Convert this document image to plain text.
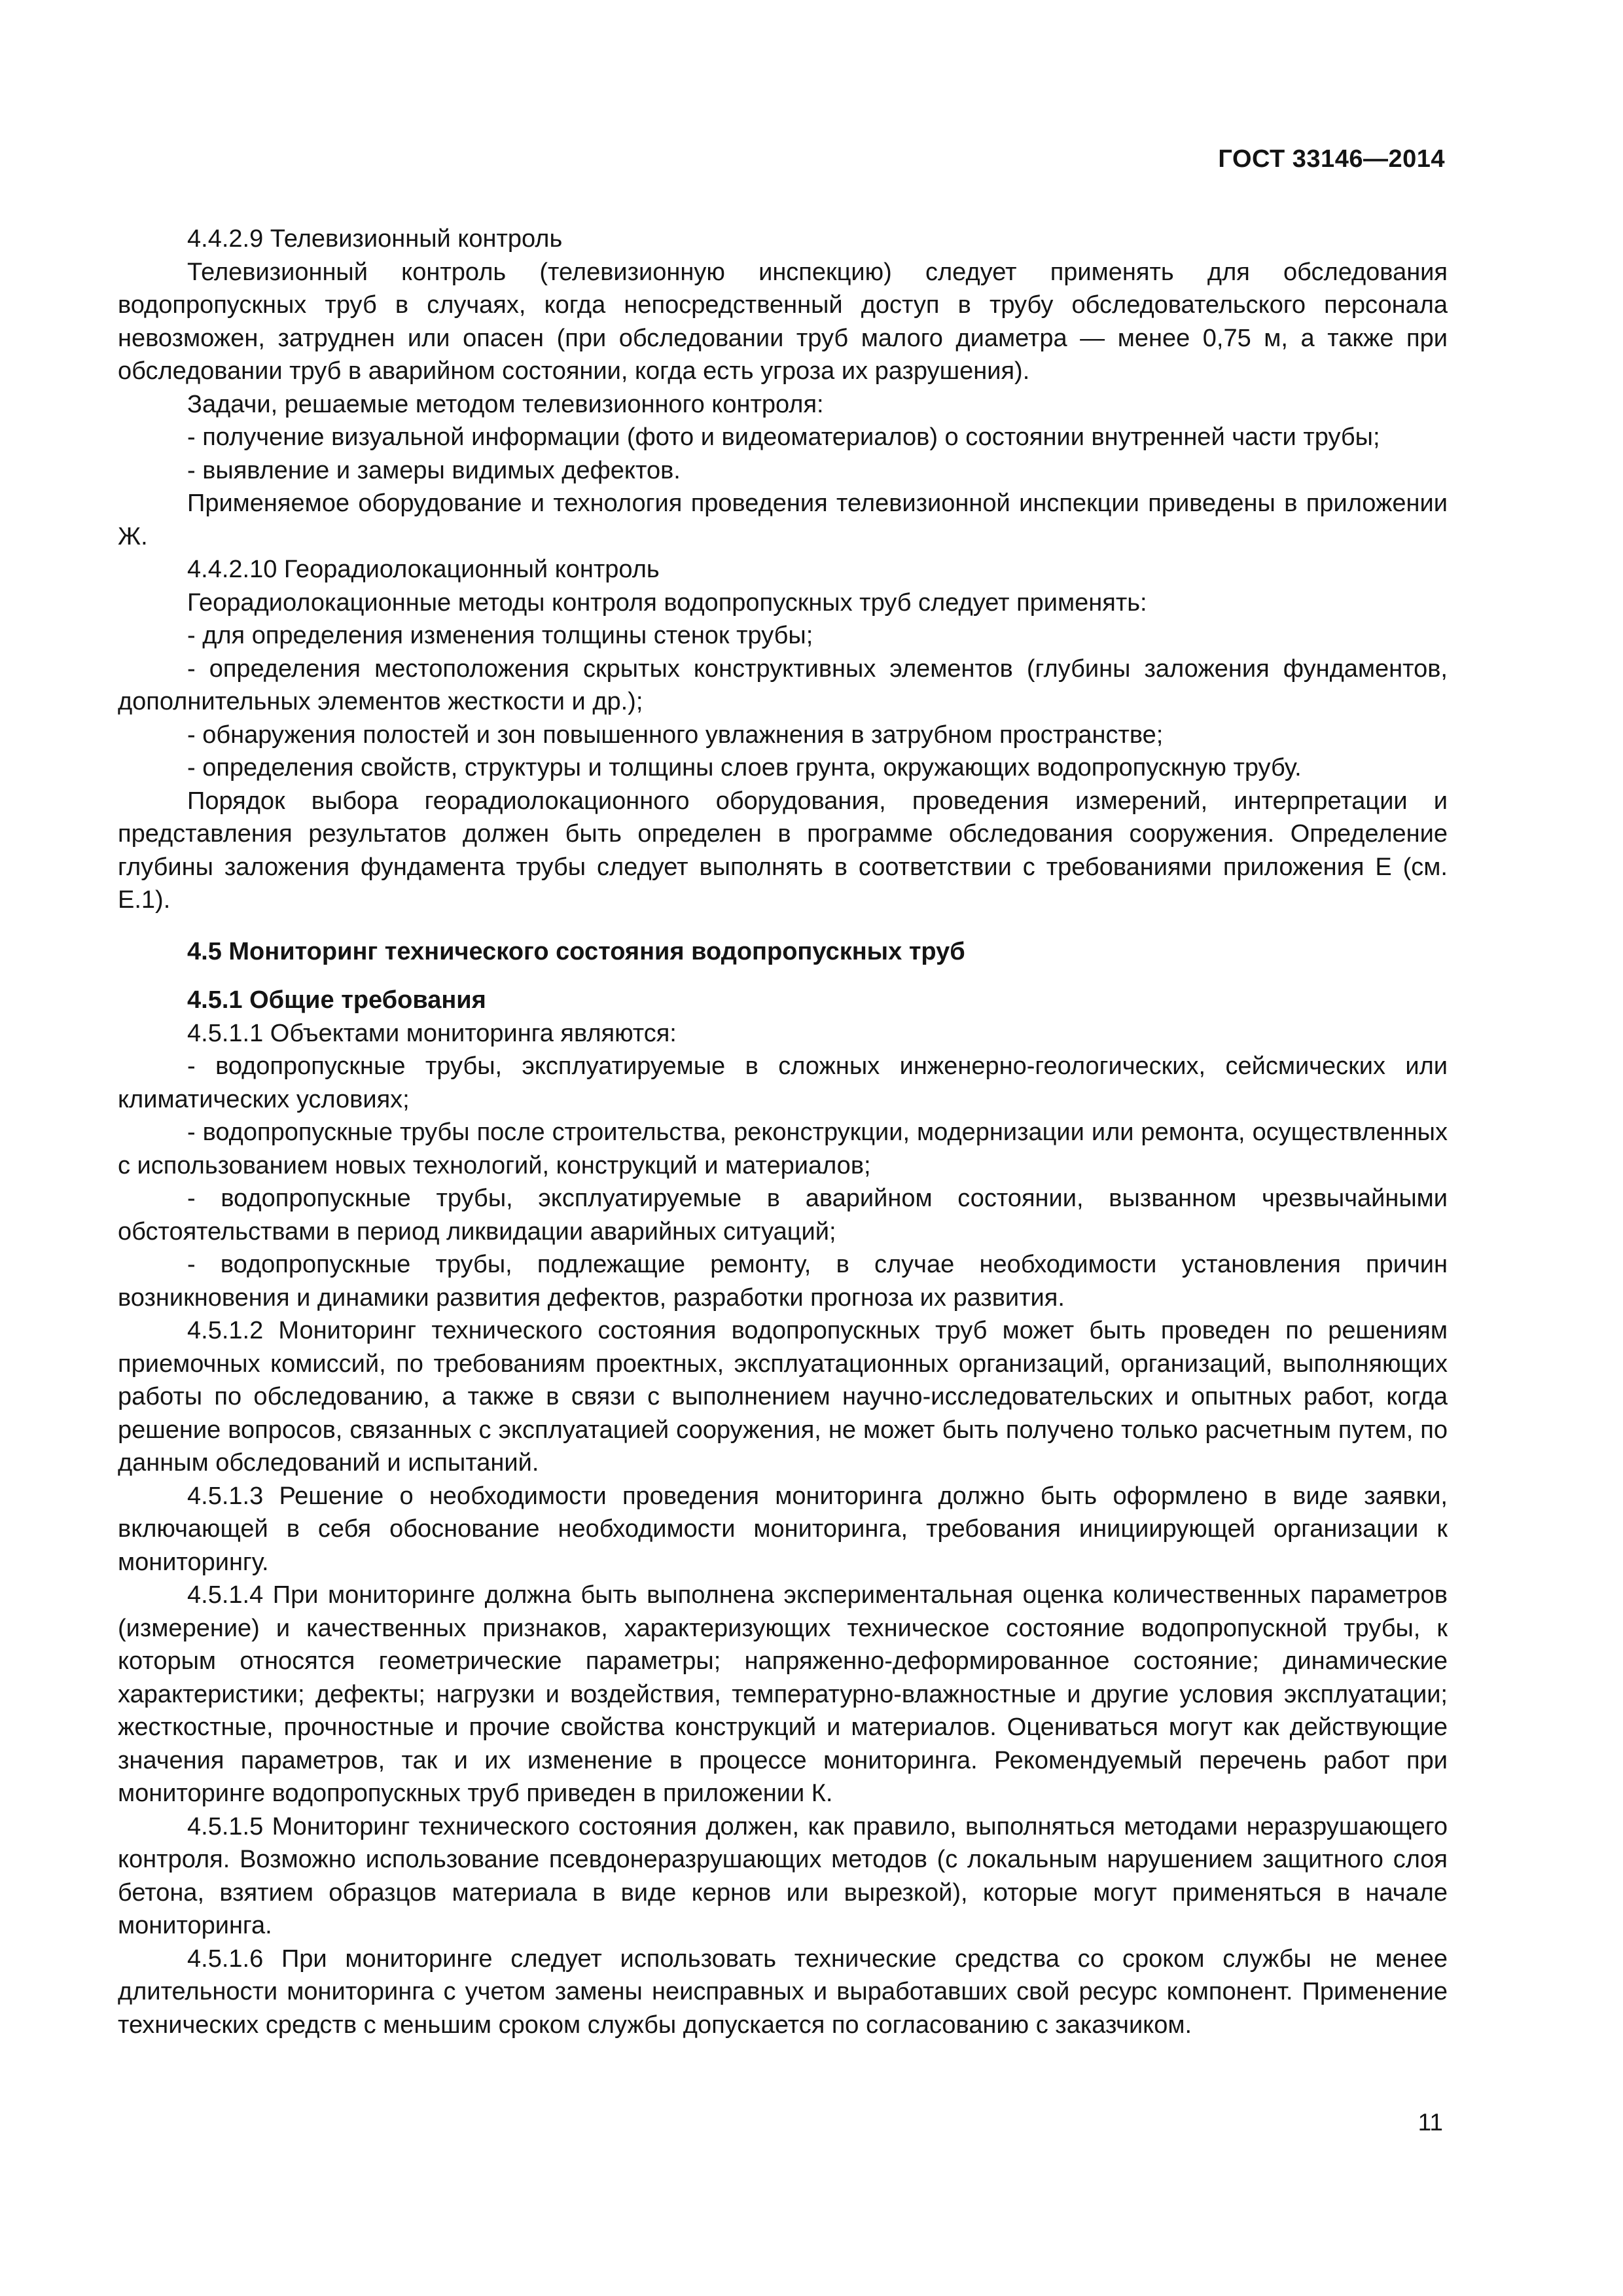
ГОСТ 33146—2014

4.4.2.9 Телевизионный контроль

Телевизионный контроль (телевизионную инспекцию) следует применять для обследования водопропускных труб в случаях, когда непосредственный доступ в трубу обследовательского персонала невозможен, затруднен или опасен (при обследовании труб малого диаметра — менее 0,75 м, а также при обследовании труб в аварийном состоянии, когда есть угроза их разрушения).

Задачи, решаемые методом телевизионного контроля:

- получение визуальной информации (фото и видеоматериалов) о состоянии внутренней части трубы;

- выявление и замеры видимых дефектов.

Применяемое оборудование и технология проведения телевизионной инспекции приведены в приложении Ж.

4.4.2.10 Георадиолокационный контроль

Георадиолокационные методы контроля водопропускных труб следует применять:

- для определения изменения толщины стенок трубы;

- определения местоположения скрытых конструктивных элементов (глубины заложения фундаментов, дополнительных элементов жесткости и др.);

- обнаружения полостей и зон повышенного увлажнения в затрубном пространстве;

- определения свойств, структуры и толщины слоев грунта, окружающих водопропускную трубу.

Порядок выбора георадиолокационного оборудования, проведения измерений, интерпретации и представления результатов должен быть определен в программе обследования сооружения. Определение глубины заложения фундамента трубы следует выполнять в соответствии с требованиями приложения Е (см. Е.1).

4.5 Мониторинг технического состояния водопропускных труб

4.5.1 Общие требования

4.5.1.1 Объектами мониторинга являются:

- водопропускные трубы, эксплуатируемые в сложных инженерно-геологических, сейсмических или климатических условиях;

- водопропускные трубы после строительства, реконструкции, модернизации или ремонта, осуществленных с использованием новых технологий, конструкций и материалов;

- водопропускные трубы, эксплуатируемые в аварийном состоянии, вызванном чрезвычайными обстоятельствами в период ликвидации аварийных ситуаций;

- водопропускные трубы, подлежащие ремонту, в случае необходимости установления причин возникновения и динамики развития дефектов, разработки прогноза их развития.

4.5.1.2 Мониторинг технического состояния водопропускных труб может быть проведен по решениям приемочных комиссий, по требованиям проектных, эксплуатационных организаций, организаций, выполняющих работы по обследованию, а также в связи с выполнением научно-исследовательских и опытных работ, когда решение вопросов, связанных с эксплуатацией сооружения, не может быть получено только расчетным путем, по данным обследований и испытаний.

4.5.1.3 Решение о необходимости проведения мониторинга должно быть оформлено в виде заявки, включающей в себя обоснование необходимости мониторинга, требования инициирующей организации к мониторингу.

4.5.1.4 При мониторинге должна быть выполнена экспериментальная оценка количественных параметров (измерение) и качественных признаков, характеризующих техническое состояние водопропускной трубы, к которым относятся геометрические параметры; напряженно-деформированное состояние; динамические характеристики; дефекты; нагрузки и воздействия, температурно-влажностные и другие условия эксплуатации; жесткостные, прочностные и прочие свойства конструкций и материалов. Оцениваться могут как действующие значения параметров, так и их изменение в процессе мониторинга. Рекомендуемый перечень работ при мониторинге водопропускных труб приведен в приложении К.

4.5.1.5 Мониторинг технического состояния должен, как правило, выполняться методами неразрушающего контроля. Возможно использование псевдонеразрушающих методов (с локальным нарушением защитного слоя бетона, взятием образцов материала в виде кернов или вырезкой), которые могут применяться в начале мониторинга.

4.5.1.6 При мониторинге следует использовать технические средства со сроком службы не менее длительности мониторинга с учетом замены неисправных и выработавших свой ресурс компонент. Применение технических средств с меньшим сроком службы допускается по согласованию с заказчиком.

11
